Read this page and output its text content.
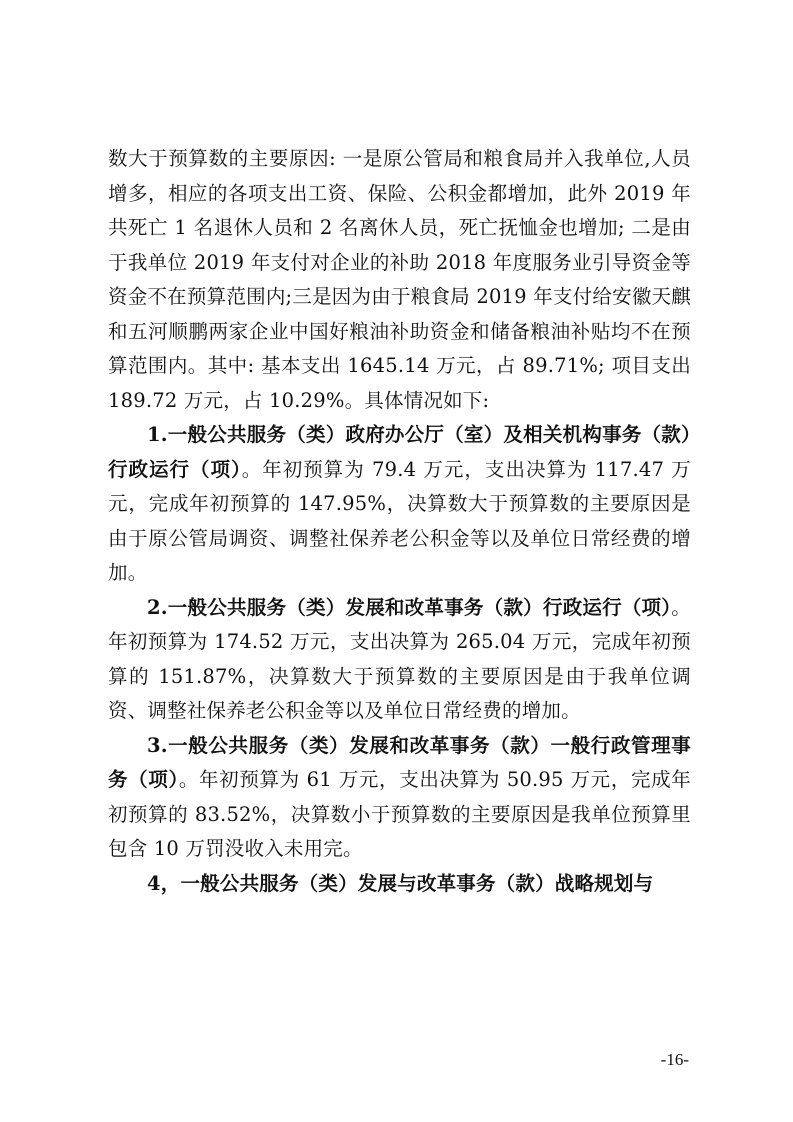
数大于预算数的主要原因: 一是原公管局和粮食局并入我单位,人员增多，相应的各项支出工资、保险、公积金都增加，此外 2019 年共死亡 1 名退休人员和 2 名离休人员，死亡抚恤金也增加; 二是由于我单位 2019 年支付对企业的补助 2018 年度服务业引导资金等资金不在预算范围内;三是因为由于粮食局 2019 年支付给安徽天麒和五河顺鹏两家企业中国好粮油补助资金和储备粮油补贴均不在预算范围内。其中: 基本支出 1645.14 万元，占 89.71%; 项目支出 189.72 万元，占 10.29%。具体情况如下:

1.一般公共服务（类）政府办公厅（室）及相关机构事务（款）行政运行（项）。年初预算为 79.4 万元，支出决算为 117.47 万元，完成年初预算的 147.95%，决算数大于预算数的主要原因是由于原公管局调资、调整社保养老公积金等以及单位日常经费的增加。

2.一般公共服务（类）发展和改革事务（款）行政运行（项）。年初预算为 174.52 万元，支出决算为 265.04 万元，完成年初预算的 151.87%，决算数大于预算数的主要原因是由于我单位调资、调整社保养老公积金等以及单位日常经费的增加。

3.一般公共服务（类）发展和改革事务（款）一般行政管理事务（项）。年初预算为 61 万元，支出决算为 50.95 万元，完成年初预算的 83.52%，决算数小于预算数的主要原因是我单位预算里包含 10 万罚没收入未用完。

4，一般公共服务（类）发展与改革事务（款）战略规划与

-16-
